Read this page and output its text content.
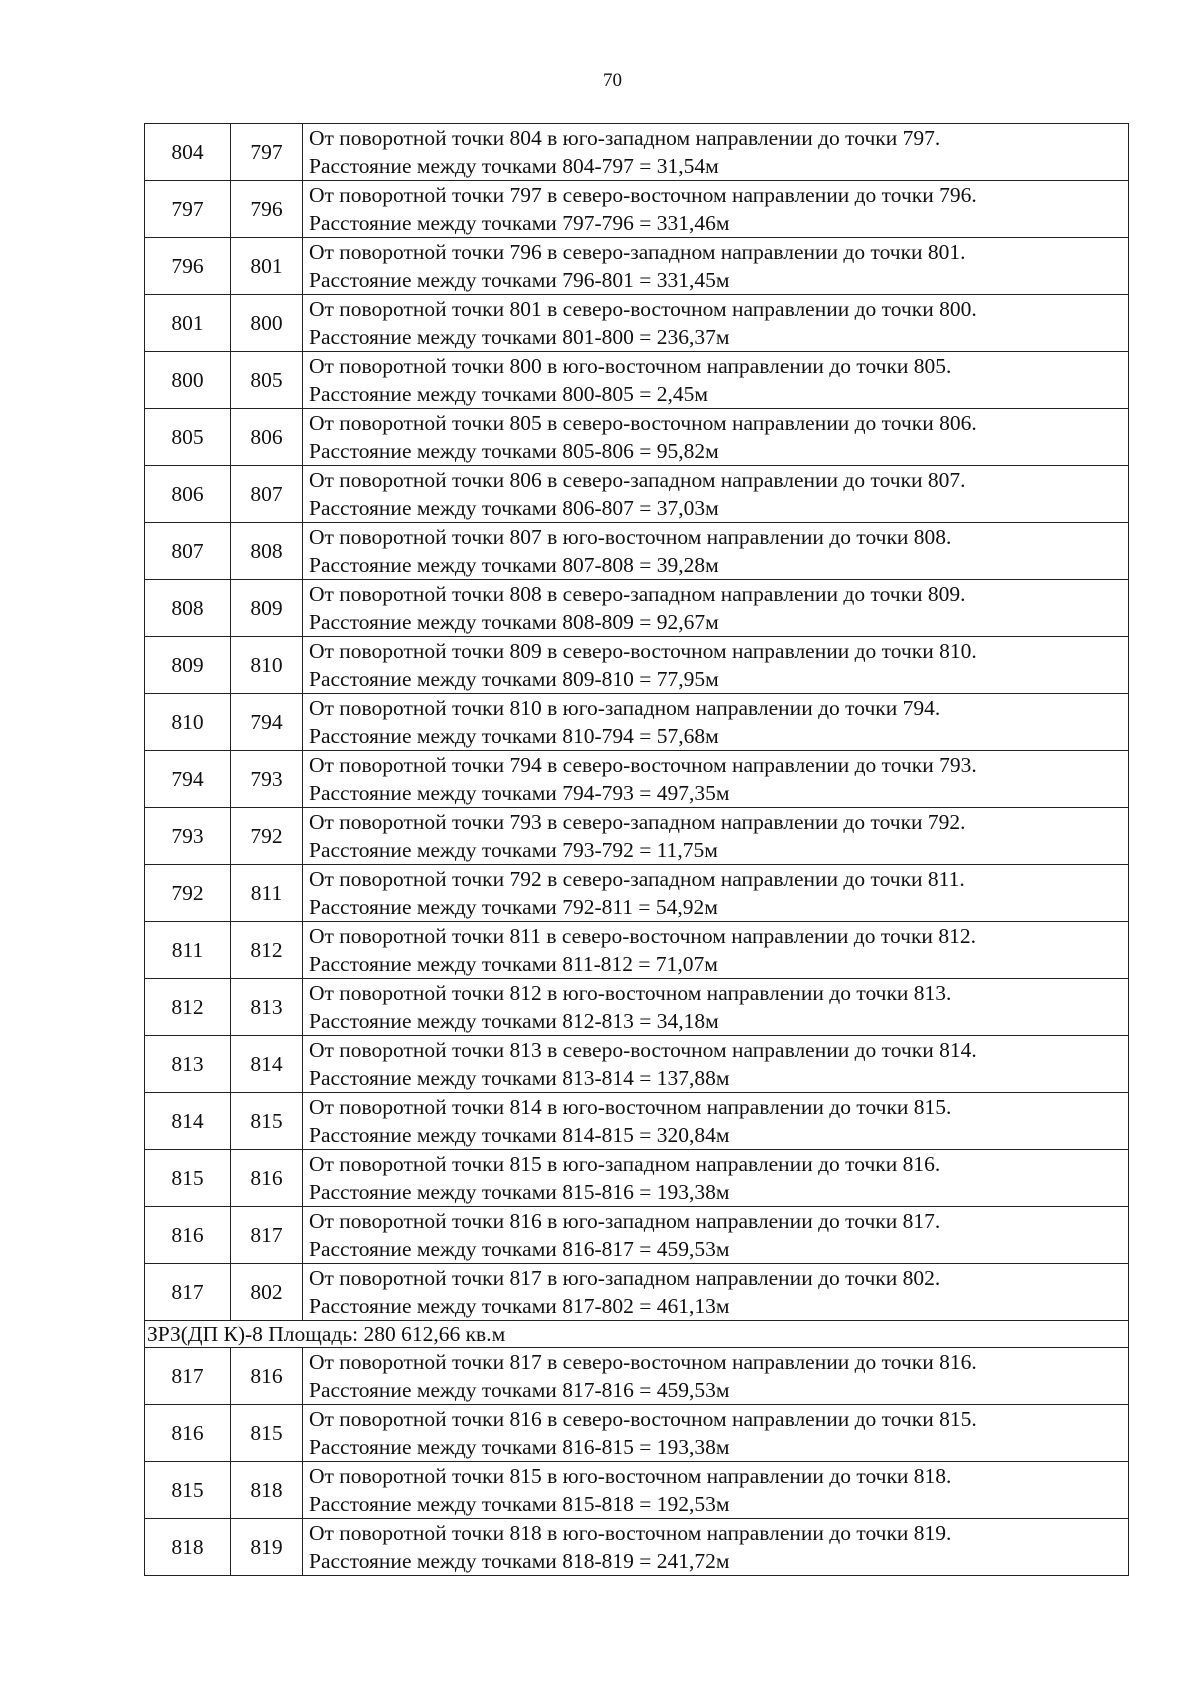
70
804	797	От поворотной точки 804 в юго-западном направлении до точки 797.
Расстояние между точками 804-797 = 31,54м

797	796	От поворотной точки 797 в северо-восточном направлении до точки 796.
Расстояние между точками 797-796 = 331,46м

796	801	От поворотной точки 796 в северо-западном направлении до точки 801.
Расстояние между точками 796-801 = 331,45м

801	800	От поворотной точки 801 в северо-восточном направлении до точки 800.
Расстояние между точками 801-800 = 236,37м

800	805	От поворотной точки 800 в юго-восточном направлении до точки 805.
Расстояние между точками 800-805 = 2,45м

805	806	От поворотной точки 805 в северо-восточном направлении до точки 806.
Расстояние между точками 805-806 = 95,82м

806	807	От поворотной точки 806 в северо-западном направлении до точки 807.
Расстояние между точками 806-807 = 37,03м

807	808	От поворотной точки 807 в юго-восточном направлении до точки 808.
Расстояние между точками 807-808 = 39,28м

808	809	От поворотной точки 808 в северо-западном направлении до точки 809.
Расстояние между точками 808-809 = 92,67м

809	810	От поворотной точки 809 в северо-восточном направлении до точки 810.
Расстояние между точками 809-810 = 77,95м

810	794	От поворотной точки 810 в юго-западном направлении до точки 794.
Расстояние между точками 810-794 = 57,68м

794	793	От поворотной точки 794 в северо-восточном направлении до точки 793.
Расстояние между точками 794-793 = 497,35м

793	792	От поворотной точки 793 в северо-западном направлении до точки 792.
Расстояние между точками 793-792 = 11,75м

792	811	От поворотной точки 792 в северо-западном направлении до точки 811.
Расстояние между точками 792-811 = 54,92м

811	812	От поворотной точки 811 в северо-восточном направлении до точки 812.
Расстояние между точками 811-812 = 71,07м

812	813	От поворотной точки 812 в юго-восточном направлении до точки 813.
Расстояние между точками 812-813 = 34,18м

813	814	От поворотной точки 813 в северо-восточном направлении до точки 814.
Расстояние между точками 813-814 = 137,88м

814	815	От поворотной точки 814 в юго-восточном направлении до точки 815.
Расстояние между точками 814-815 = 320,84м

815	816	От поворотной точки 815 в юго-западном направлении до точки 816.
Расстояние между точками 815-816 = 193,38м

816	817	От поворотной точки 816 в юго-западном направлении до точки 817.
Расстояние между точками 816-817 = 459,53м

817	802	От поворотной точки 817 в юго-западном направлении до точки 802.
Расстояние между точками 817-802 = 461,13м

ЗРЗ(ДП К)-8 Площадь: 280 612,66 кв.м		
817	816	От поворотной точки 817 в северо-восточном направлении до точки 816.
Расстояние между точками 817-816 = 459,53м

816	815	От поворотной точки 816 в северо-восточном направлении до точки 815.
Расстояние между точками 816-815 = 193,38м

815	818	От поворотной точки 815 в юго-восточном направлении до точки 818.
Расстояние между точками 815-818 = 192,53м

818	819	От поворотной точки 818 в юго-восточном направлении до точки 819.
Расстояние между точками 818-819 = 241,72м
